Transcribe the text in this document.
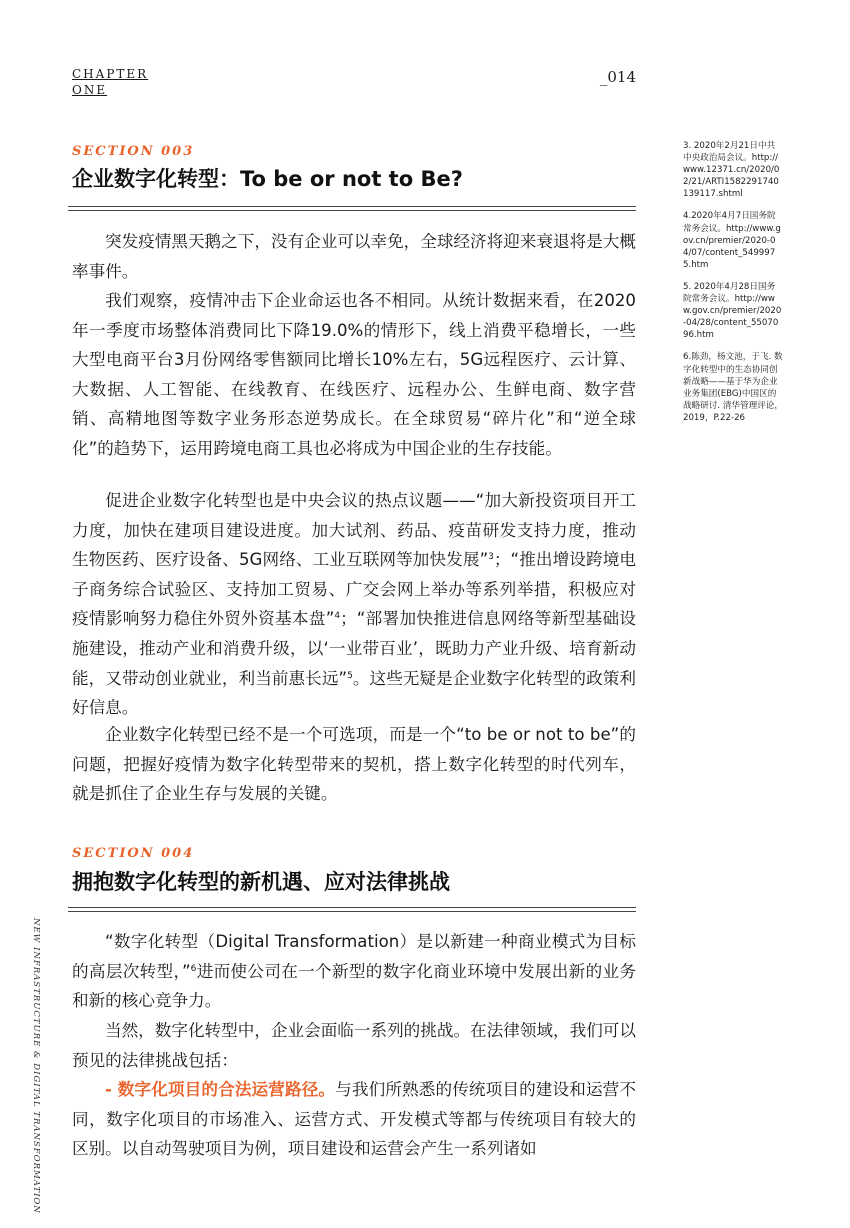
CHAPTER
ONE
_014
SECTION 003
企业数字化转型：To be or not to Be?

突发疫情黑天鹅之下，没有企业可以幸免，全球经济将迎来衰退将是大概率事件。

我们观察，疫情冲击下企业命运也各不相同。从统计数据来看，在2020年一季度市场整体消费同比下降19.0%的情形下，线上消费平稳增长，一些大型电商平台3月份网络零售额同比增长10%左右，5G远程医疗、云计算、大数据、人工智能、在线教育、在线医疗、远程办公、生鲜电商、数字营销、高精地图等数字业务形态逆势成长。在全球贸易“碎片化”和“逆全球化”的趋势下，运用跨境电商工具也必将成为中国企业的生存技能。

促进企业数字化转型也是中央会议的热点议题——“加大新投资项目开工力度，加快在建项目建设进度。加大试剂、药品、疫苗研发支持力度，推动生物医药、医疗设备、5G网络、工业互联网等加快发展”$^3$；“推出增设跨境电子商务综合试验区、支持加工贸易、广交会网上举办等系列举措，积极应对疫情影响努力稳住外贸外资基本盘”$^4$；“部署加快推进信息网络等新型基础设施建设，推动产业和消费升级，以‘一业带百业’，既助力产业升级、培育新动能，又带动创业就业，利当前惠长远”$^5$。这些无疑是企业数字化转型的政策利好信息。

企业数字化转型已经不是一个可选项，而是一个“to be or not to be”的问题，把握好疫情为数字化转型带来的契机，搭上数字化转型的时代列车，就是抓住了企业生存与发展的关键。

SECTION 004
拥抱数字化转型的新机遇、应对法律挑战

“数字化转型（Digital Transformation）是以新建一种商业模式为目标的高层次转型，”$^6$进而使公司在一个新型的数字化商业环境中发展出新的业务和新的核心竞争力。

当然，数字化转型中，企业会面临一系列的挑战。在法律领域，我们可以预见的法律挑战包括：

- 数字化项目的合法运营路径。与我们所熟悉的传统项目的建设和运营不同，数字化项目的市场准入、运营方式、开发模式等都与传统项目有较大的区别。以自动驾驶项目为例，项目建设和运营会产生一系列诸如

3. 2020年2月21日中共中央政治局会议。http://www.12371.cn/2020/02/21/ARTI1582291740139117.shtml

4.2020年4月7日国务院常务会议。http://www.gov.cn/premier/2020-04/07/content_5499975.htm

5. 2020年4月28日国务院常务会议。http://www.gov.cn/premier/2020-04/28/content_5507096.htm

6.陈劲，杨文池，于飞. 数字化转型中的生态协同创新战略——基于华为企业业务集团(EBG)中国区的战略研讨. 清华管理评论，2019，P.22-26

NEW INFRASTRUCTURE & DIGITAL TRANSFORMATION
